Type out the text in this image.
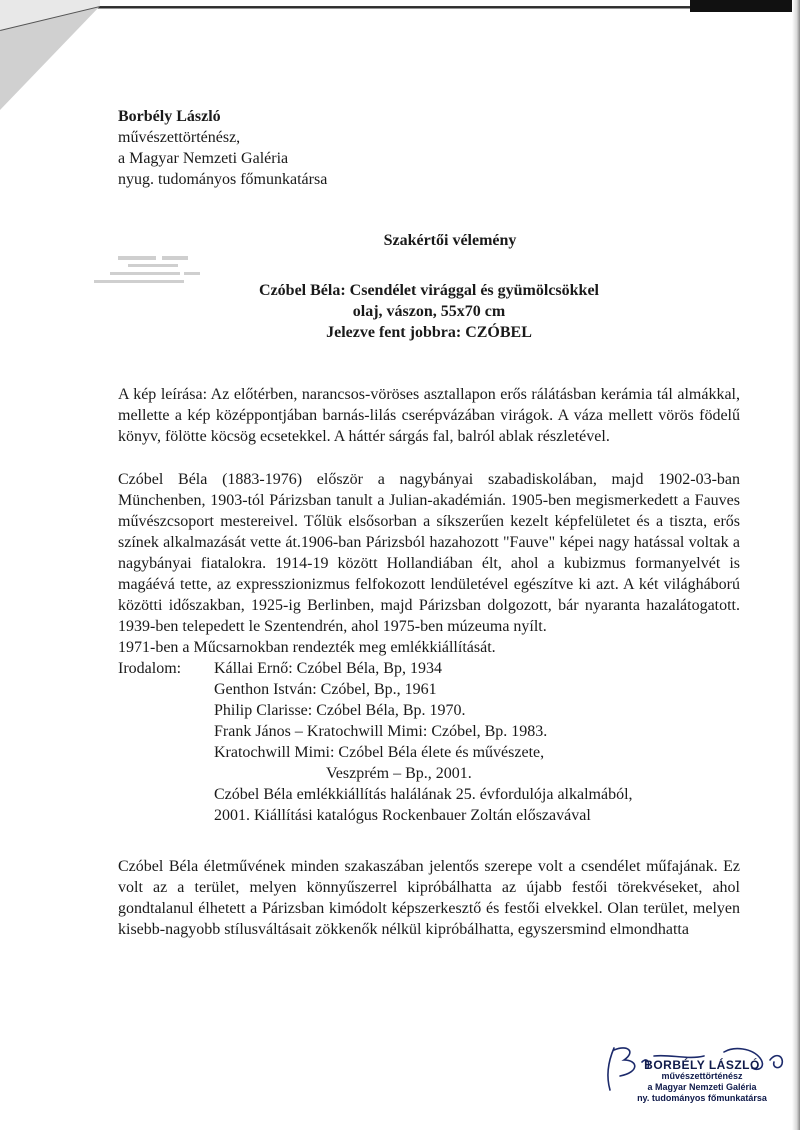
Borbély László
művészettörténész,
a Magyar Nemzeti Galéria
nyug. tudományos főmunkatársa
Szakértői vélemény
Czóbel Béla: Csendélet virággal és gyümölcsökkel
olaj, vászon, 55x70 cm
Jelezve fent jobbra: CZÓBEL

A kép leírása: Az előtérben, narancsos-vöröses asztallapon erős rálátásban kerámia tál almákkal, mellette a kép középpontjában barnás-lilás cserépvázában virágok. A váza mellett vörös födelű könyv, fölötte köcsög ecsetekkel. A háttér sárgás fal, balról ablak részletével.

Czóbel Béla (1883-1976) először a nagybányai szabadiskolában, majd 1902-03-ban Münchenben, 1903-tól Párizsban tanult a Julian-akadémián. 1905-ben megismerkedett a Fauves művészcsoport mestereivel. Tőlük elsősorban a síkszerűen kezelt képfelületet és a tiszta, erős színek alkalmazását vette át.1906-ban Párizsból hazahozott "Fauve" képei nagy hatással voltak a nagybányai fiatalokra. 1914-19 között Hollandiában élt, ahol a kubizmus formanyelvét is magáévá tette, az expresszionizmus felfokozott lendületével egészítve ki azt. A két világháború közötti időszakban, 1925-ig Berlinben, majd Párizsban dolgozott, bár nyaranta hazalátogatott. 1939-ben telepedett le Szentendrén, ahol 1975-ben múzeuma nyílt.

1971-ben a Műcsarnokban rendezték meg emlékkiállítását.

Irodalom:	Kállai Ernő: Czóbel Béla, Bp, 1934
Genthon István: Czóbel, Bp., 1961
Philip Clarisse: Czóbel Béla, Bp. 1970.
Frank János – Kratochwill Mimi: Czóbel, Bp. 1983.
Kratochwill Mimi: Czóbel Béla élete és művészete,
Veszprém – Bp., 2001.
Czóbel Béla emlékkiállítás halálának 25. évfordulója alkalmából,
2001. Kiállítási katalógus Rockenbauer Zoltán előszavával

Czóbel Béla életművének minden szakaszában jelentős szerepe volt a csendélet műfajának. Ez volt az a terület, melyen könnyűszerrel kipróbálhatta az újabb festői törekvéseket, ahol gondtalanul élhetett a Párizsban kimódolt képszerkesztő és festői elvekkel. Olan terület, melyen kisebb-nagyobb stílusváltásait zökkenők nélkül kipróbálhatta, egyszersmind elmondhatta

BORBÉLY LÁSZLÓ
művészettörténész
a Magyar Nemzeti Galéria
ny. tudományos főmunkatársa
